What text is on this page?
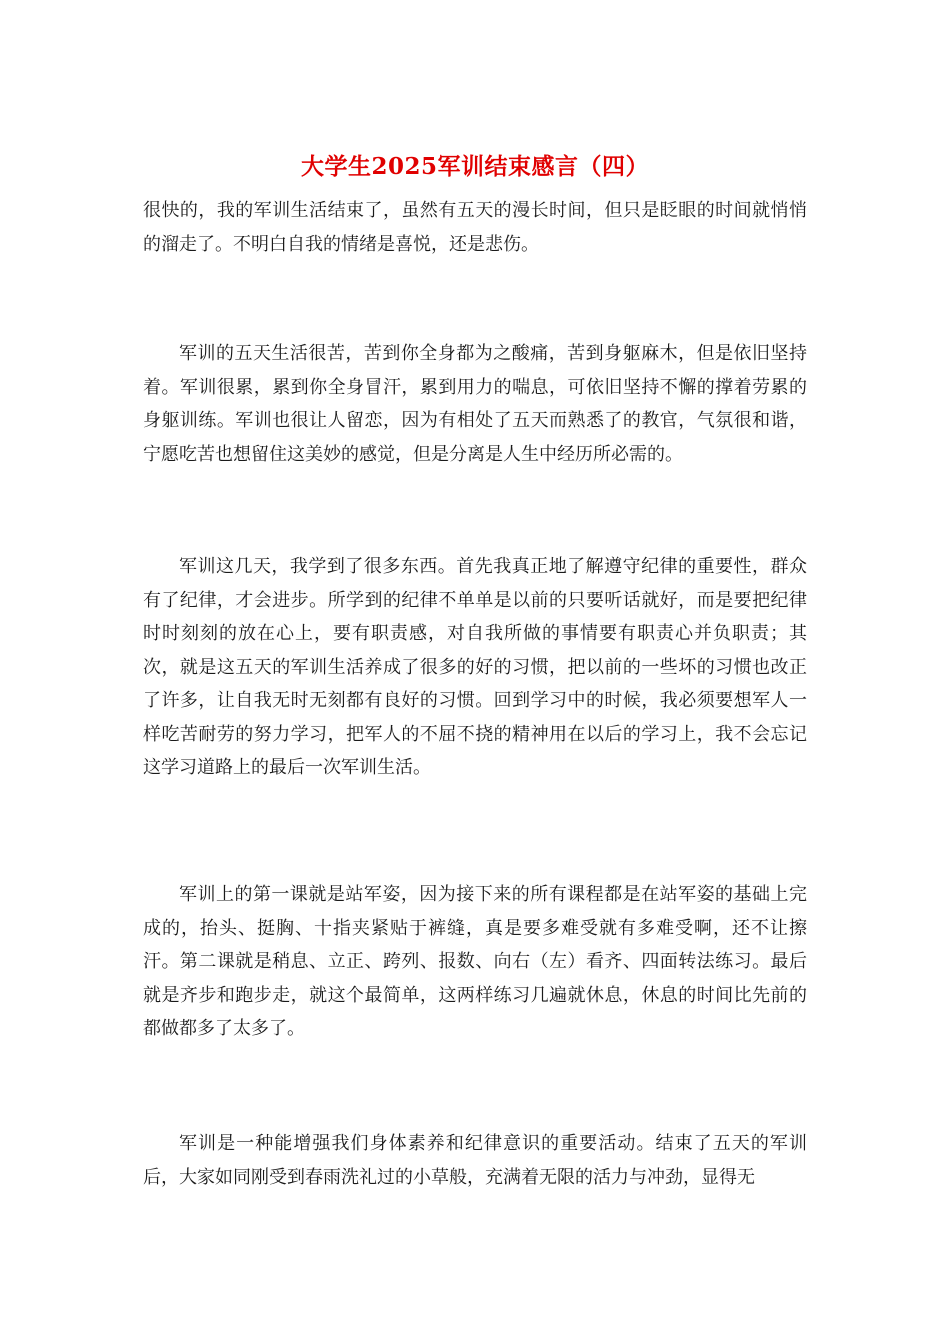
大学生2025军训结束感言（四）

很快的，我的军训生活结束了，虽然有五天的漫长时间，但只是眨眼的时间就悄悄的溜走了。不明白自我的情绪是喜悦，还是悲伤。

军训的五天生活很苦，苦到你全身都为之酸痛，苦到身躯麻木，但是依旧坚持着。军训很累，累到你全身冒汗，累到用力的喘息，可依旧坚持不懈的撑着劳累的身躯训练。军训也很让人留恋，因为有相处了五天而熟悉了的教官，气氛很和谐，宁愿吃苦也想留住这美妙的感觉，但是分离是人生中经历所必需的。

军训这几天，我学到了很多东西。首先我真正地了解遵守纪律的重要性，群众有了纪律，才会进步。所学到的纪律不单单是以前的只要听话就好，而是要把纪律时时刻刻的放在心上，要有职责感，对自我所做的事情要有职责心并负职责；其次，就是这五天的军训生活养成了很多的好的习惯，把以前的一些坏的习惯也改正了许多，让自我无时无刻都有良好的习惯。回到学习中的时候，我必须要想军人一样吃苦耐劳的努力学习，把军人的不屈不挠的精神用在以后的学习上，我不会忘记这学习道路上的最后一次军训生活。

军训上的第一课就是站军姿，因为接下来的所有课程都是在站军姿的基础上完成的，抬头、挺胸、十指夹紧贴于裤缝，真是要多难受就有多难受啊，还不让擦汗。第二课就是稍息、立正、跨列、报数、向右（左）看齐、四面转法练习。最后就是齐步和跑步走，就这个最简单，这两样练习几遍就休息，休息的时间比先前的都做都多了太多了。

军训是一种能增强我们身体素养和纪律意识的重要活动。结束了五天的军训后，大家如同刚受到春雨洗礼过的小草般，充满着无限的活力与冲劲，显得无
